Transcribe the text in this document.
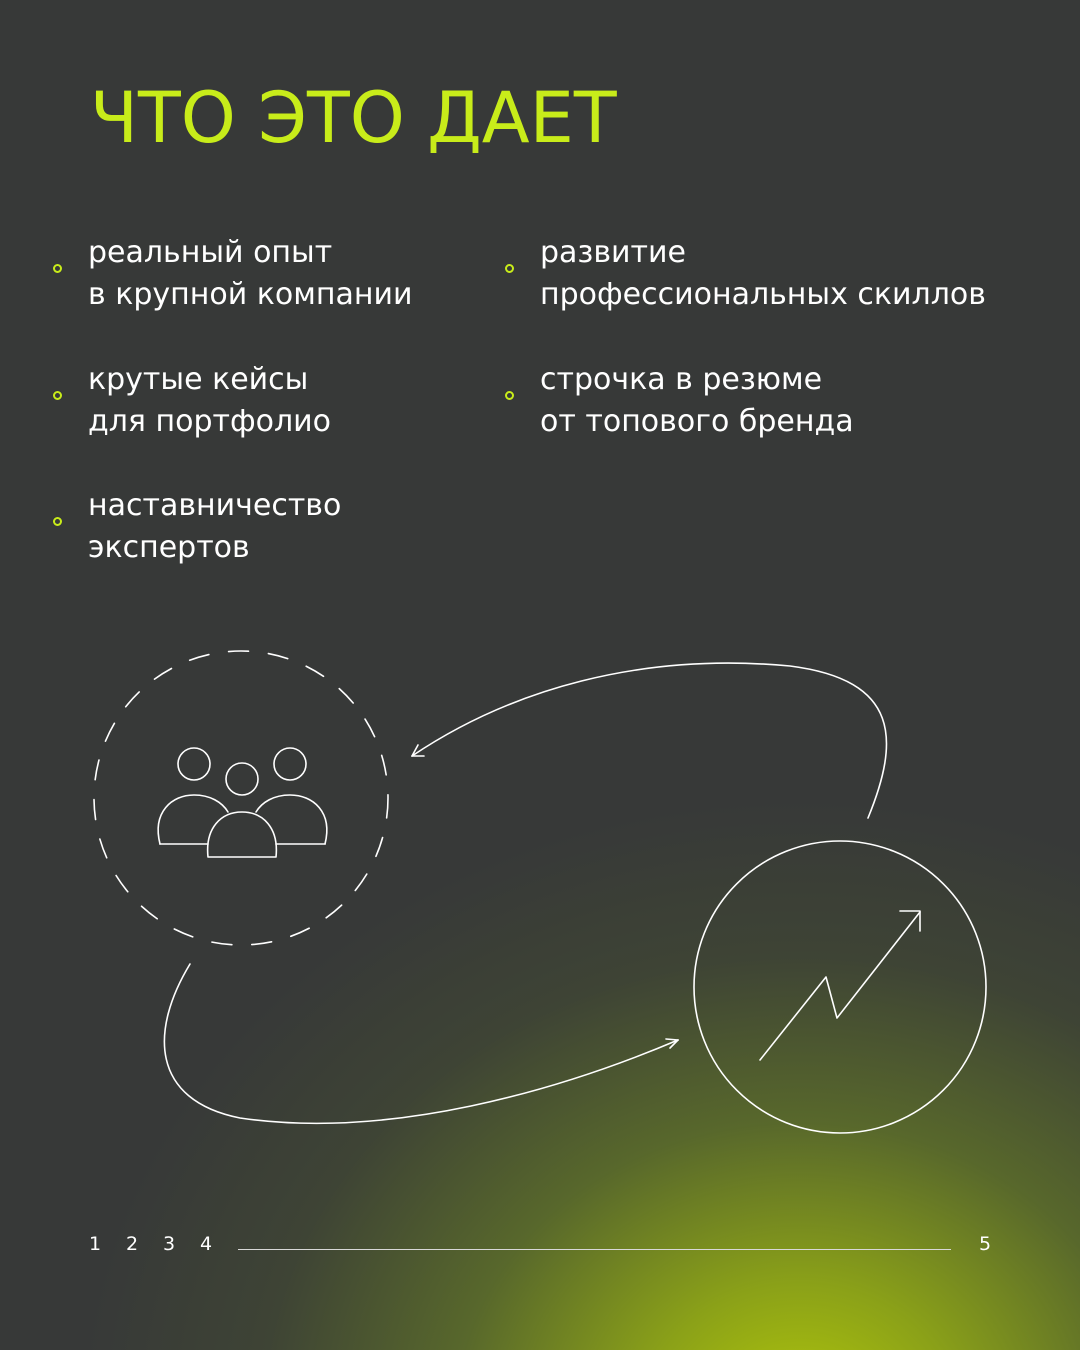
ЧТО ЭТО ДАЕТ
реальный опыт
в крупной компании
развитие
профессиональных скиллов
крутые кейсы
для портфолио
строчка в резюме
от топового бренда
наставничество
экспертов
1 2 3 4	5
